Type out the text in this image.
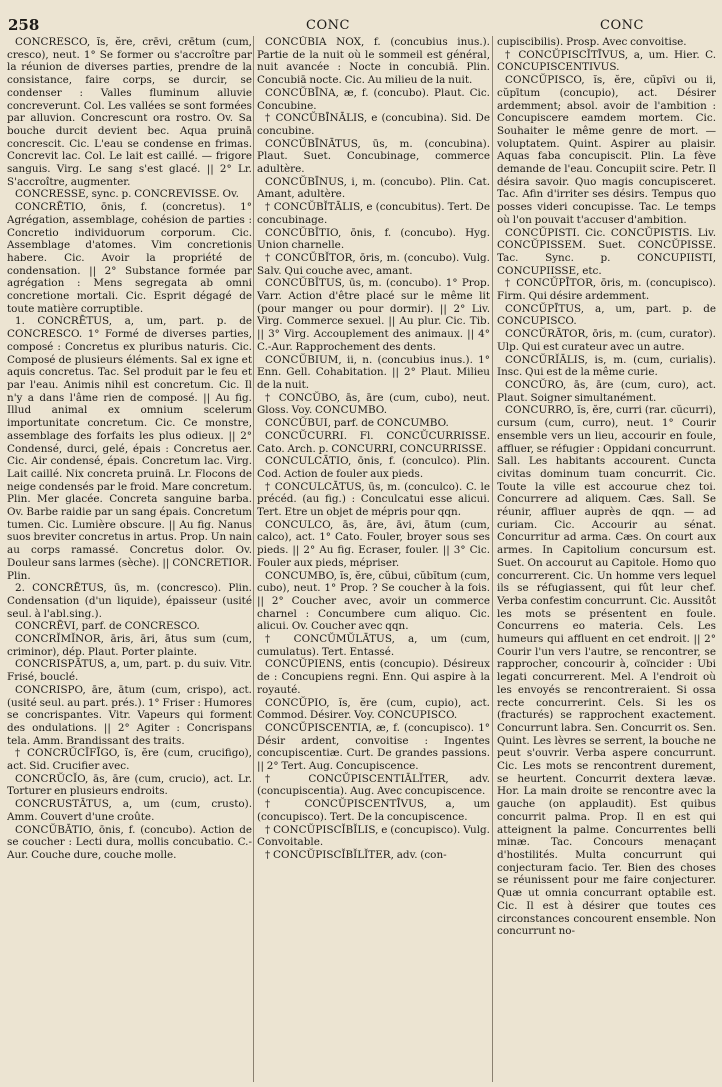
258	CONC	CONC
CONCRESCO, ĭs, ĕre, crēvi, crētum (cum, cresco), neut. 1° Se former ou s'accroître par la réunion de diverses parties, prendre de la consistance, faire corps, se durcir, se condenser : Valles fluminum alluvie concreverunt. Col. Les vallées se sont formées par alluvion. Concrescunt ora rostro. Ov. Sa bouche durcit devient bec. Aqua pruinā concrescit. Cic. L'eau se condense en frimas. Concrevit lac. Col. Le lait est caillé. — frigore sanguis. Virg. Le sang s'est glacé. || 2° Lr. S'accroître, augmenter.
CONCRESSE, sync. p. CONCREVISSE. Ov.
CONCRĒTIO, ōnis, f. (concretus). 1° Agrégation, assemblage, cohésion de parties : Concretio individuorum corporum. Cic. Assemblage d'atomes. Vim concretionis habere. Cic. Avoir la propriété de condensation. || 2° Substance formée par agrégation : Mens segregata ab omni concretione mortali. Cic. Esprit dégagé de toute matière corruptible.
1. CONCRĒTUS, a, um, part. p. de CONCRESCO. 1° Formé de diverses parties, composé : Concretus ex pluribus naturis. Cic. Composé de plusieurs éléments. Sal ex igne et aquis concretus. Tac. Sel produit par le feu et par l'eau. Animis nihil est concretum. Cic. Il n'y a dans l'âme rien de composé. || Au fig. Illud animal ex omnium scelerum importunitate concretum. Cic. Ce monstre, assemblage des forfaits les plus odieux. || 2° Condensé, durci, gelé, épais : Concretus aer. Cic. Air condensé, épais. Concretum lac. Virg. Lait caillé. Nix concreta pruinā. Lr. Flocons de neige condensés par le froid. Mare concretum. Plin. Mer glacée. Concreta sanguine barba. Ov. Barbe raidie par un sang épais. Concretum tumen. Cic. Lumière obscure. || Au fig. Nanus suos breviter concretus in artus. Prop. Un nain au corps ramassé. Concretus dolor. Ov. Douleur sans larmes (sèche). || CONCRETIOR. Plin.
2. CONCRĒTUS, ūs, m. (concresco). Plin. Condensation (d'un liquide), épaisseur (usité seul. à l'abl.sing.).
CONCRĒVI, parf. de CONCRESCO.
CONCRĬMĬNOR, āris, āri, ātus sum (cum, criminor), dép. Plaut. Porter plainte.
CONCRISPĀTUS, a, um, part. p. du suiv. Vitr. Frisé, bouclé.
CONCRISPO, āre, ātum (cum, crispo), act. (usité seul. au part. prés.). 1° Friser : Humores se concrispantes. Vitr. Vapeurs qui forment des ondulations. || 2° Agiter : Concrispans tela. Amm. Brandissant des traits.
† CONCRŬCĬFĪGO, ĭs, ĕre (cum, crucifigo), act. Sid. Crucifier avec.
CONCRŬCĬO, ās, āre (cum, crucio), act. Lr. Torturer en plusieurs endroits.
CONCRUSTĀTUS, a, um (cum, crusto). Amm. Couvert d'une croûte.
CONCŬBĀTIO, ōnis, f. (concubo). Action de se coucher : Lecti dura, mollis concubatio. C.-Aur. Couche dure, couche molle.
CONCŬBIA NOX, f. (concubius inus.). Partie de la nuit où le sommeil est général, nuit avancée : Nocte in concubiā. Plin. Concubiā nocte. Cic. Au milieu de la nuit.
CONCŬBĪNA, æ, f. (concubo). Plaut. Cic. Concubine.
† CONCŬBĪNĀLIS, e (concubina). Sid. De concubine.
CONCŬBĪNĀTUS, ūs, m. (concubina). Plaut. Suet. Concubinage, commerce adultère.
CONCŬBĪNUS, i, m. (concubo). Plin. Cat. Amant, adultère.
† CONCŬBĬTĀLIS, e (concubitus). Tert. De concubinage.
CONCŬBĬTIO, ōnis, f. (concubo). Hyg. Union charnelle.
† CONCŬBĬTOR, ōris, m. (concubo). Vulg. Salv. Qui couche avec, amant.
CONCŬBĬTUS, ūs, m. (concubo). 1° Prop. Varr. Action d'être placé sur le même lit (pour manger ou pour dormir). || 2° Liv. Virg. Commerce sexuel. || Au plur. Cic. Tib. || 3° Virg. Accouplement des animaux. || 4° C.-Aur. Rapprochement des dents.
CONCŬBIUM, ii, n. (concubius inus.). 1° Enn. Gell. Cohabitation. || 2° Plaut. Milieu de la nuit.
† CONCŬBO, ās, āre (cum, cubo), neut. Gloss. Voy. CONCUMBO.
CONCŬBUI, parf. de CONCUMBO.
CONCŬCURRI. Fl. CONCŬCURRISSE. Cato. Arch. p. CONCURRI, CONCURRISSE.
CONCULCĀTIO, ōnis, f. (conculco). Plin. Cod. Action de fouler aux pieds.
† CONCULCĀTUS, ūs, m. (conculco). C. le précéd. (au fig.) : Conculcatui esse alicui. Tert. Etre un objet de mépris pour qqn.
CONCULCO, ās, āre, āvi, ātum (cum, calco), act. 1° Cato. Fouler, broyer sous ses pieds. || 2° Au fig. Ecraser, fouler. || 3° Cic. Fouler aux pieds, mépriser.
CONCUMBO, ĭs, ĕre, cŭbui, cŭbĭtum (cum, cubo), neut. 1° Prop. ? Se coucher à la fois. || 2° Coucher avec, avoir un commerce charnel : Concumbere cum aliquo. Cic. alicui. Ov. Coucher avec qqn.
† CONCŬMŬLĀTUS, a, um (cum, cumulatus). Tert. Entassé.
CONCŬPIENS, entis (concupio). Désireux de : Concupiens regni. Enn. Qui aspire à la royauté.
CONCŬPIO, ĭs, ĕre (cum, cupio), act. Commod. Désirer. Voy. CONCUPISCO.
CONCŬPISCENTIA, æ, f. (concupisco). 1° Désir ardent, convoitise : Ingentes concupiscentiæ. Curt. De grandes passions. || 2° Tert. Aug. Concupiscence.
† CONCŬPISCENTIĀLĬTER, adv. (concupiscentia). Aug. Avec concupiscence.
† CONCŬPISCENTĪVUS, a, um (concupisco). Tert. De la concupiscence.
† CONCŬPISCĬBĬLIS, e (concupisco). Vulg. Convoitable.
† CONCŬPISCĬBĬLĬTER, adv. (con-
cupiscibilis). Prosp. Avec convoitise.
† CONCŬPISCĬTĪVUS, a, um. Hier. C. CONCUPISCENTIVUS.
CONCŬPISCO, ĭs, ĕre, cŭpīvi ou ii, cŭpītum (concupio), act. Désirer ardemment; absol. avoir de l'ambition : Concupiscere eamdem mortem. Cic. Souhaiter le même genre de mort. — voluptatem. Quint. Aspirer au plaisir. Aquas faba concupiscit. Plin. La fève demande de l'eau. Concupiit scire. Petr. Il désira savoir. Quo magis concupisceret. Tac. Afin d'irriter ses désirs. Tempus quo posses videri concupisse. Tac. Le temps où l'on pouvait t'accuser d'ambition.
CONCŬPISTI. Cic. CONCŬPISTIS. Liv. CONCŬPISSEM. Suet. CONCŬPISSE. Tac. Sync. p. CONCUPIISTI, CONCUPIISSE, etc.
† CONCŬPĪTOR, ōris, m. (concupisco). Firm. Qui désire ardemment.
CONCŬPĪTUS, a, um, part. p. de CONCUPISCO.
CONCŬRĀTOR, ōris, m. (cum, curator). Ulp. Qui est curateur avec un autre.
CONCŬRĬĀLIS, is, m. (cum, curialis). Insc. Qui est de la même curie.
CONCŬRO, ās, āre (cum, curo), act. Plaut. Soigner simultanément.
CONCURRO, ĭs, ĕre, curri (rar. cŭcurri), cursum (cum, curro), neut. 1° Courir ensemble vers un lieu, accourir en foule, affluer, se réfugier : Oppidani concurrunt. Sall. Les habitants accourent. Cuncta civitas dominum tuam concurrit. Cic. Toute la ville est accourue chez toi. Concurrere ad aliquem. Cæs. Sall. Se réunir, affluer auprès de qqn. — ad curiam. Cic. Accourir au sénat. Concurritur ad arma. Cæs. On court aux armes. In Capitolium concursum est. Suet. On accourut au Capitole. Homo quo concurrerent. Cic. Un homme vers lequel ils se réfugiassent, qui fût leur chef. Verba confestim concurrunt. Cic. Aussitôt les mots se présentent en foule. Concurrens eo materia. Cels. Les humeurs qui affluent en cet endroit. || 2° Courir l'un vers l'autre, se rencontrer, se rapprocher, concourir à, coïncider : Ubi legati concurrerent. Mel. A l'endroit où les envoyés se rencontreraient. Si ossa recte concurrerint. Cels. Si les os (fracturés) se rapprochent exactement. Concurrunt labra. Sen. Concurrit os. Sen. Quint. Les lèvres se serrent, la bouche ne peut s'ouvrir. Verba aspere concurrunt. Cic. Les mots se rencontrent durement, se heurtent. Concurrit dextera lævæ. Hor. La main droite se rencontre avec la gauche (on applaudit). Est quibus concurrit palma. Prop. Il en est qui atteignent la palme. Concurrentes belli minæ. Tac. Concours menaçant d'hostilités. Multa concurrunt qui conjecturam facio. Ter. Bien des choses se réunissent pour me faire conjecturer. Quæ ut omnia concurrant optabile est. Cic. Il est à désirer que toutes ces circonstances concourent ensemble. Non concurrunt no-
